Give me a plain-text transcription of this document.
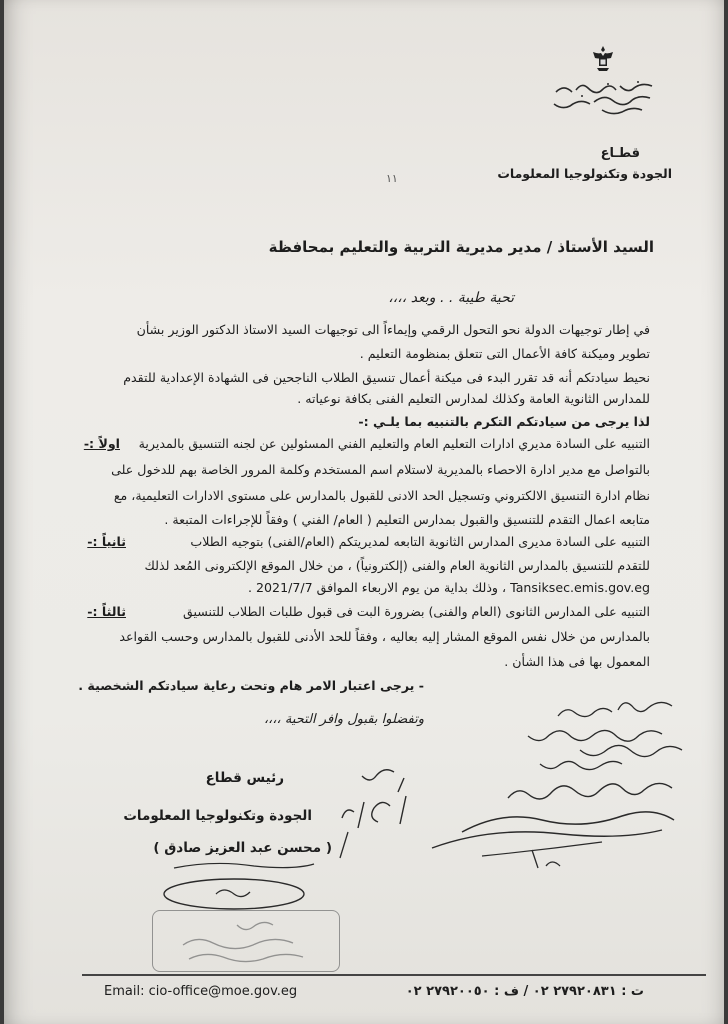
قطـاع
الجودة وتكنولوجيا المعلومات
١١
السيد الأستاذ / مدير مديرية التربية والتعليم بمحافظة
تحية طيبة . . وبعد ،،،،
في إطار توجيهات الدولة نحو التحول الرقمي وإيماءاً الى توجيهات السيد الاستاذ الدكتور الوزير بشأن
تطوير وميكنة كافة الأعمال التى تتعلق بمنظومة التعليم .
نحيط سيادتكم أنه قد تقرر البدء فى ميكنة أعمال تنسيق الطلاب الناجحين فى الشهادة الإعدادية للتقدم
للمدارس الثانوية العامة وكذلك لمدارس التعليم الفنى بكافة نوعياته .
لذا يرجى من سيادتكم التكرم بالتنبيه بما يلـي :-
اولاً :-	التنبيه على السادة مديري ادارات التعليم العام والتعليم الفني المسئولين عن لجنه التنسيق بالمديرية
بالتواصل مع مدير ادارة الاحصاء بالمديرية لاستلام اسم المستخدم وكلمة المرور الخاصة بهم للدخول على
نظام ادارة التنسيق الالكتروني وتسجيل الحد الادنى للقبول بالمدارس على مستوى الادارات التعليمية، مع
متابعه اعمال التقدم للتنسيق والقبول بمدارس التعليم ( العام/ الفني ) وفقاً للإجراءات المتبعة .
ثانياً :-	التنبيه على السادة مديرى المدارس الثانوية التابعه لمديريتكم (العام/الفنى) بتوجيه الطلاب
للتقدم للتنسيق بالمدارس الثانوية العام والفنى (إلكترونياً) ، من خلال الموقع الإلكترونى المُعد لذلك
Tansiksec.emis.gov.eg ، وذلك بداية من يوم الاربعاء الموافق 2021/7/7 .
ثالثاً :-	التنبيه على المدارس الثانوى (العام والفنى) بضرورة البت فى قبول طلبات الطلاب للتنسيق
بالمدارس من خلال نفس الموقع المشار إليه بعاليه ، وفقاً للحد الأدنى للقبول بالمدارس وحسب القواعد
المعمول بها فى هذا الشأن .
- يرجى اعتبار الامر هام وتحت رعاية سيادتكم الشخصية .
وتفضلوا بقبول وافر التحية ،،،،
رئيس قطاع
الجودة وتكنولوجيا المعلومات
( محسن عبد العزيز صادق )
Email: cio-office@moe.gov.eg	ت : ٢٧٩٢٠٨٣١ ٠٢ / ف : ٢٧٩٢٠٠٥٠ ٠٢
